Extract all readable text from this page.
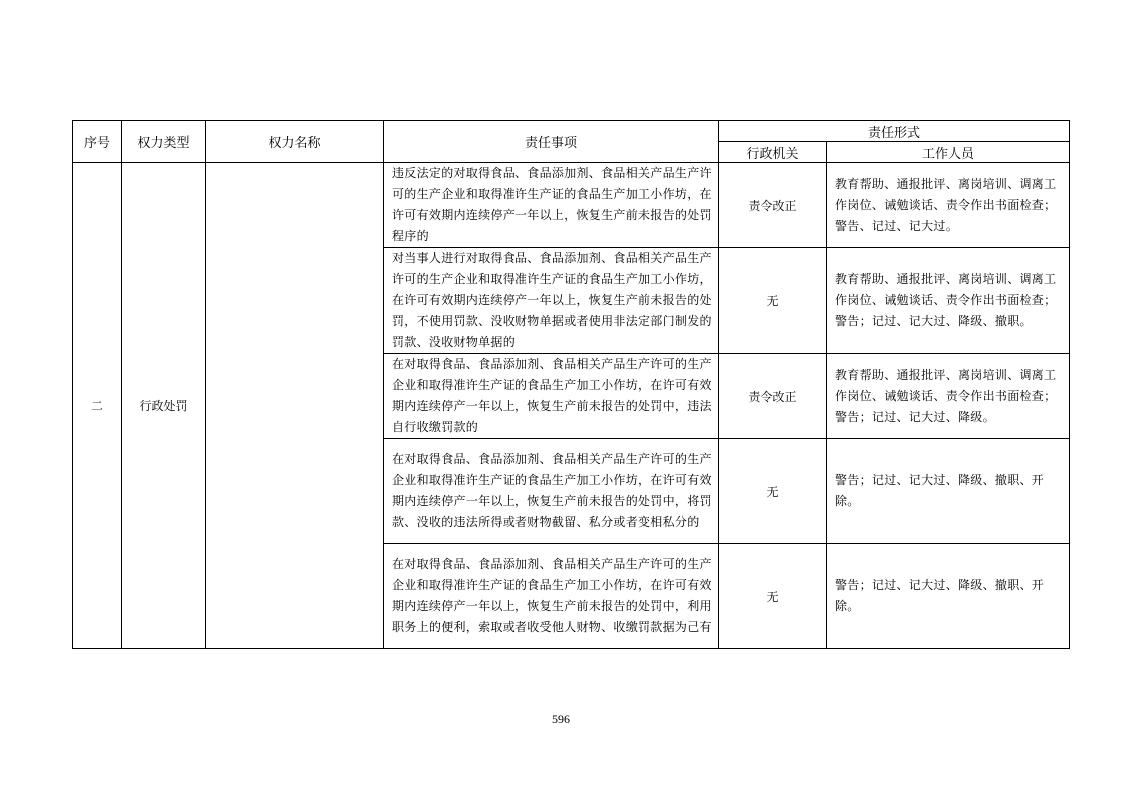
序号	权力类型	权力名称	责任事项	责任形式	
				行政机关	工作人员
二	行政处罚		违反法定的对取得食品、食品添加剂、食品相关产品生产许可的生产企业和取得准许生产证的食品生产加工小作坊，在许可有效期内连续停产一年以上，恢复生产前未报告的处罚程序的	责令改正	教育帮助、通报批评、离岗培训、调离工作岗位、诫勉谈话、责令作出书面检查；警告、记过、记大过。
			对当事人进行对取得食品、食品添加剂、食品相关产品生产许可的生产企业和取得准许生产证的食品生产加工小作坊，在许可有效期内连续停产一年以上，恢复生产前未报告的处罚，不使用罚款、没收财物单据或者使用非法定部门制发的罚款、没收财物单据的	无	教育帮助、通报批评、离岗培训、调离工作岗位、诫勉谈话、责令作出书面检查；警告；记过、记大过、降级、撤职。
			在对取得食品、食品添加剂、食品相关产品生产许可的生产企业和取得准许生产证的食品生产加工小作坊，在许可有效期内连续停产一年以上，恢复生产前未报告的处罚中，违法自行收缴罚款的	责令改正	教育帮助、通报批评、离岗培训、调离工作岗位、诫勉谈话、责令作出书面检查；警告；记过、记大过、降级。
			在对取得食品、食品添加剂、食品相关产品生产许可的生产企业和取得准许生产证的食品生产加工小作坊，在许可有效期内连续停产一年以上，恢复生产前未报告的处罚中，将罚款、没收的违法所得或者财物截留、私分或者变相私分的	无	警告；记过、记大过、降级、撤职、开除。
			在对取得食品、食品添加剂、食品相关产品生产许可的生产企业和取得准许生产证的食品生产加工小作坊，在许可有效期内连续停产一年以上，恢复生产前未报告的处罚中，利用职务上的便利，索取或者收受他人财物、收缴罚款据为己有	无	警告；记过、记大过、降级、撤职、开除。
596
